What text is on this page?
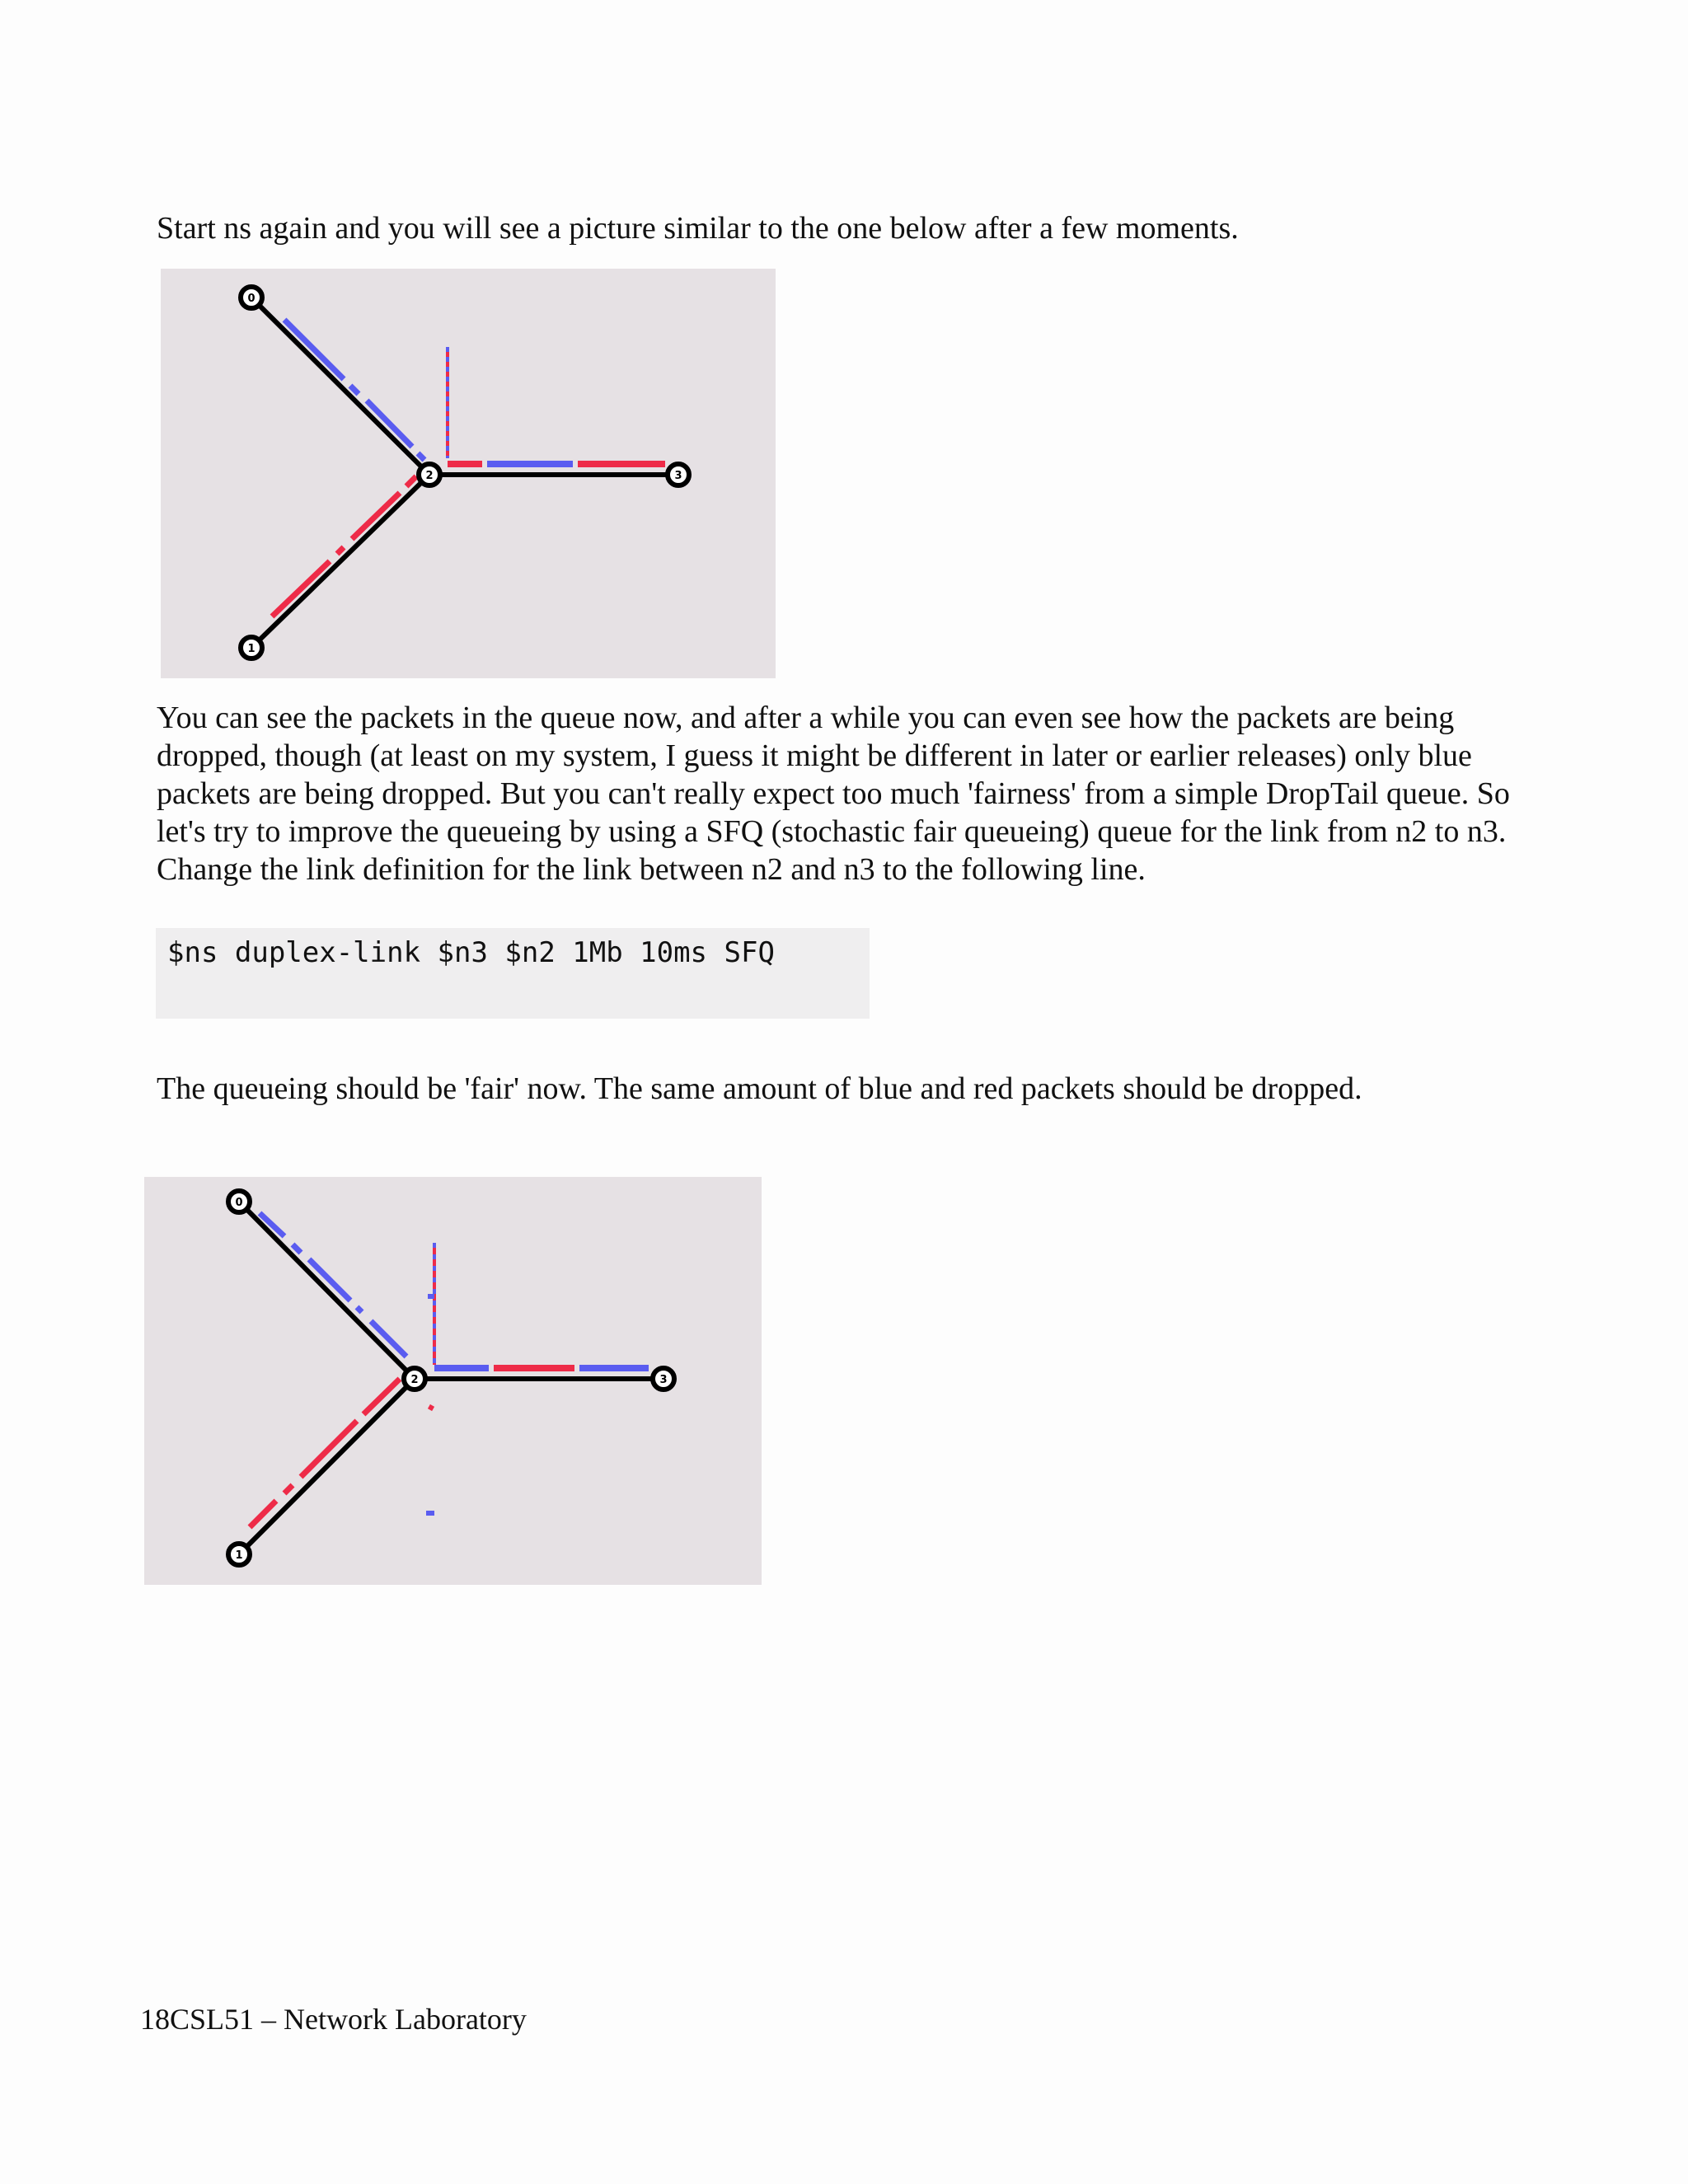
Start ns again and you will see a picture similar to the one below after a few moments.

0
1
2	3

You can see the packets in the queue now, and after a while you can even see how the packets are being dropped, though (at least on my system, I guess it might be different in later or earlier releases) only blue packets are being dropped. But you can't really expect too much 'fairness' from a simple DropTail queue. So let's try to improve the queueing by using a SFQ (stochastic fair queueing) queue for the link from n2 to n3. Change the link definition for the link between n2 and n3 to the following line.

$ns duplex-link $n3 $n2 1Mb 10ms SFQ

The queueing should be 'fair' now. The same amount of blue and red packets should be dropped.

0
1
2	3
18CSL51 – Network Laboratory
